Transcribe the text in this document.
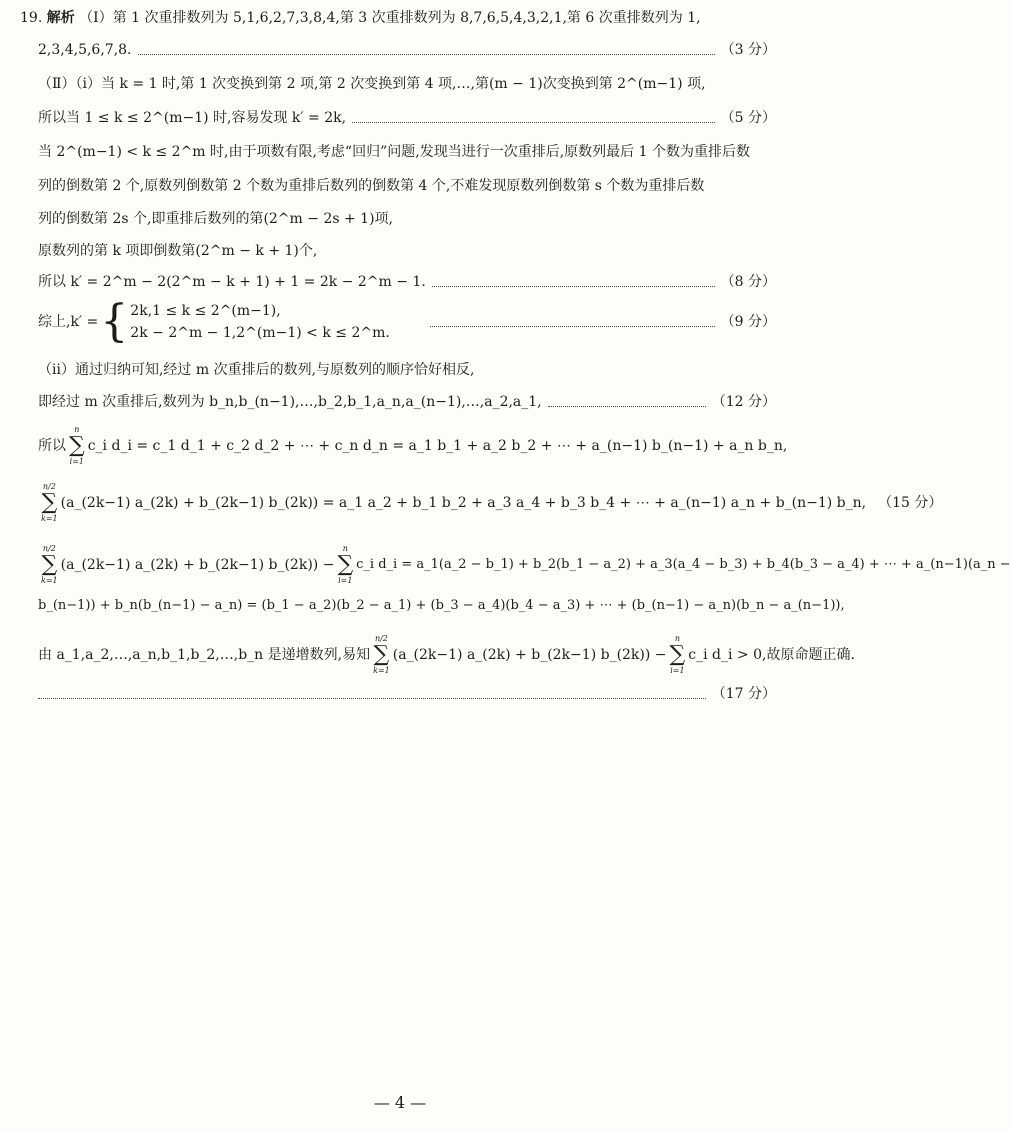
19. 解析 （Ⅰ）第 1 次重排数列为 5,1,6,2,7,3,8,4,第 3 次重排数列为 8,7,6,5,4,3,2,1,第 6 次重排数列为 1,
2,3,4,5,6,7,8.	（3 分）
（Ⅱ）（ⅰ）当 k = 1 时,第 1 次变换到第 2 项,第 2 次变换到第 4 项,…,第(m − 1)次变换到第 2^(m−1) 项,
所以当 1 ≤ k ≤ 2^(m−1) 时,容易发现 k′ = 2k,	（5 分）
当 2^(m−1) < k ≤ 2^m 时,由于项数有限,考虑“回归”问题,发现当进行一次重排后,原数列最后 1 个数为重排后数
列的倒数第 2 个,原数列倒数第 2 个数为重排后数列的倒数第 4 个,不难发现原数列倒数第 s 个数为重排后数
列的倒数第 2s 个,即重排后数列的第(2^m − 2s + 1)项,
原数列的第 k 项即倒数第(2^m − k + 1)个,
所以 k′ = 2^m − 2(2^m − k + 1) + 1 = 2k − 2^m − 1.	（8 分）
综上,k′ = { 2k,1 ≤ k ≤ 2^(m−1),
2k − 2^m − 1,2^(m−1) < k ≤ 2^m.
（9 分）
（ⅱ）通过归纳可知,经过 m 次重排后的数列,与原数列的顺序恰好相反,
即经过 m 次重排后,数列为 b_n,b_(n−1),…,b_2,b_1,a_n,a_(n−1),…,a_2,a_1,	（12 分）
所以
n
∑
i=1
c_i d_i = c_1 d_1 + c_2 d_2 + ⋯ + c_n d_n = a_1 b_1 + a_2 b_2 + ⋯ + a_(n−1) b_(n−1) + a_n b_n,
n/2
∑
k=1
(a_(2k−1) a_(2k) + b_(2k−1) b_(2k)) = a_1 a_2 + b_1 b_2 + a_3 a_4 + b_3 b_4 + ⋯ + a_(n−1) a_n + b_(n−1) b_n, （15 分）
n/2
∑
k=1
(a_(2k−1) a_(2k) + b_(2k−1) b_(2k)) −
n
∑
i=1
c_i d_i = a_1(a_2 − b_1) + b_2(b_1 − a_2) + a_3(a_4 − b_3) + b_4(b_3 − a_4) + ⋯ + a_(n−1)(a_n −
b_(n−1)) + b_n(b_(n−1) − a_n) = (b_1 − a_2)(b_2 − a_1) + (b_3 − a_4)(b_4 − a_3) + ⋯ + (b_(n−1) − a_n)(b_n − a_(n−1)),
由 a_1,a_2,…,a_n,b_1,b_2,…,b_n 是递增数列,易知
n/2
∑
k=1
(a_(2k−1) a_(2k) + b_(2k−1) b_(2k)) −
n
∑
i=1
c_i d_i > 0,故原命题正确.
（17 分）
— 4 —
